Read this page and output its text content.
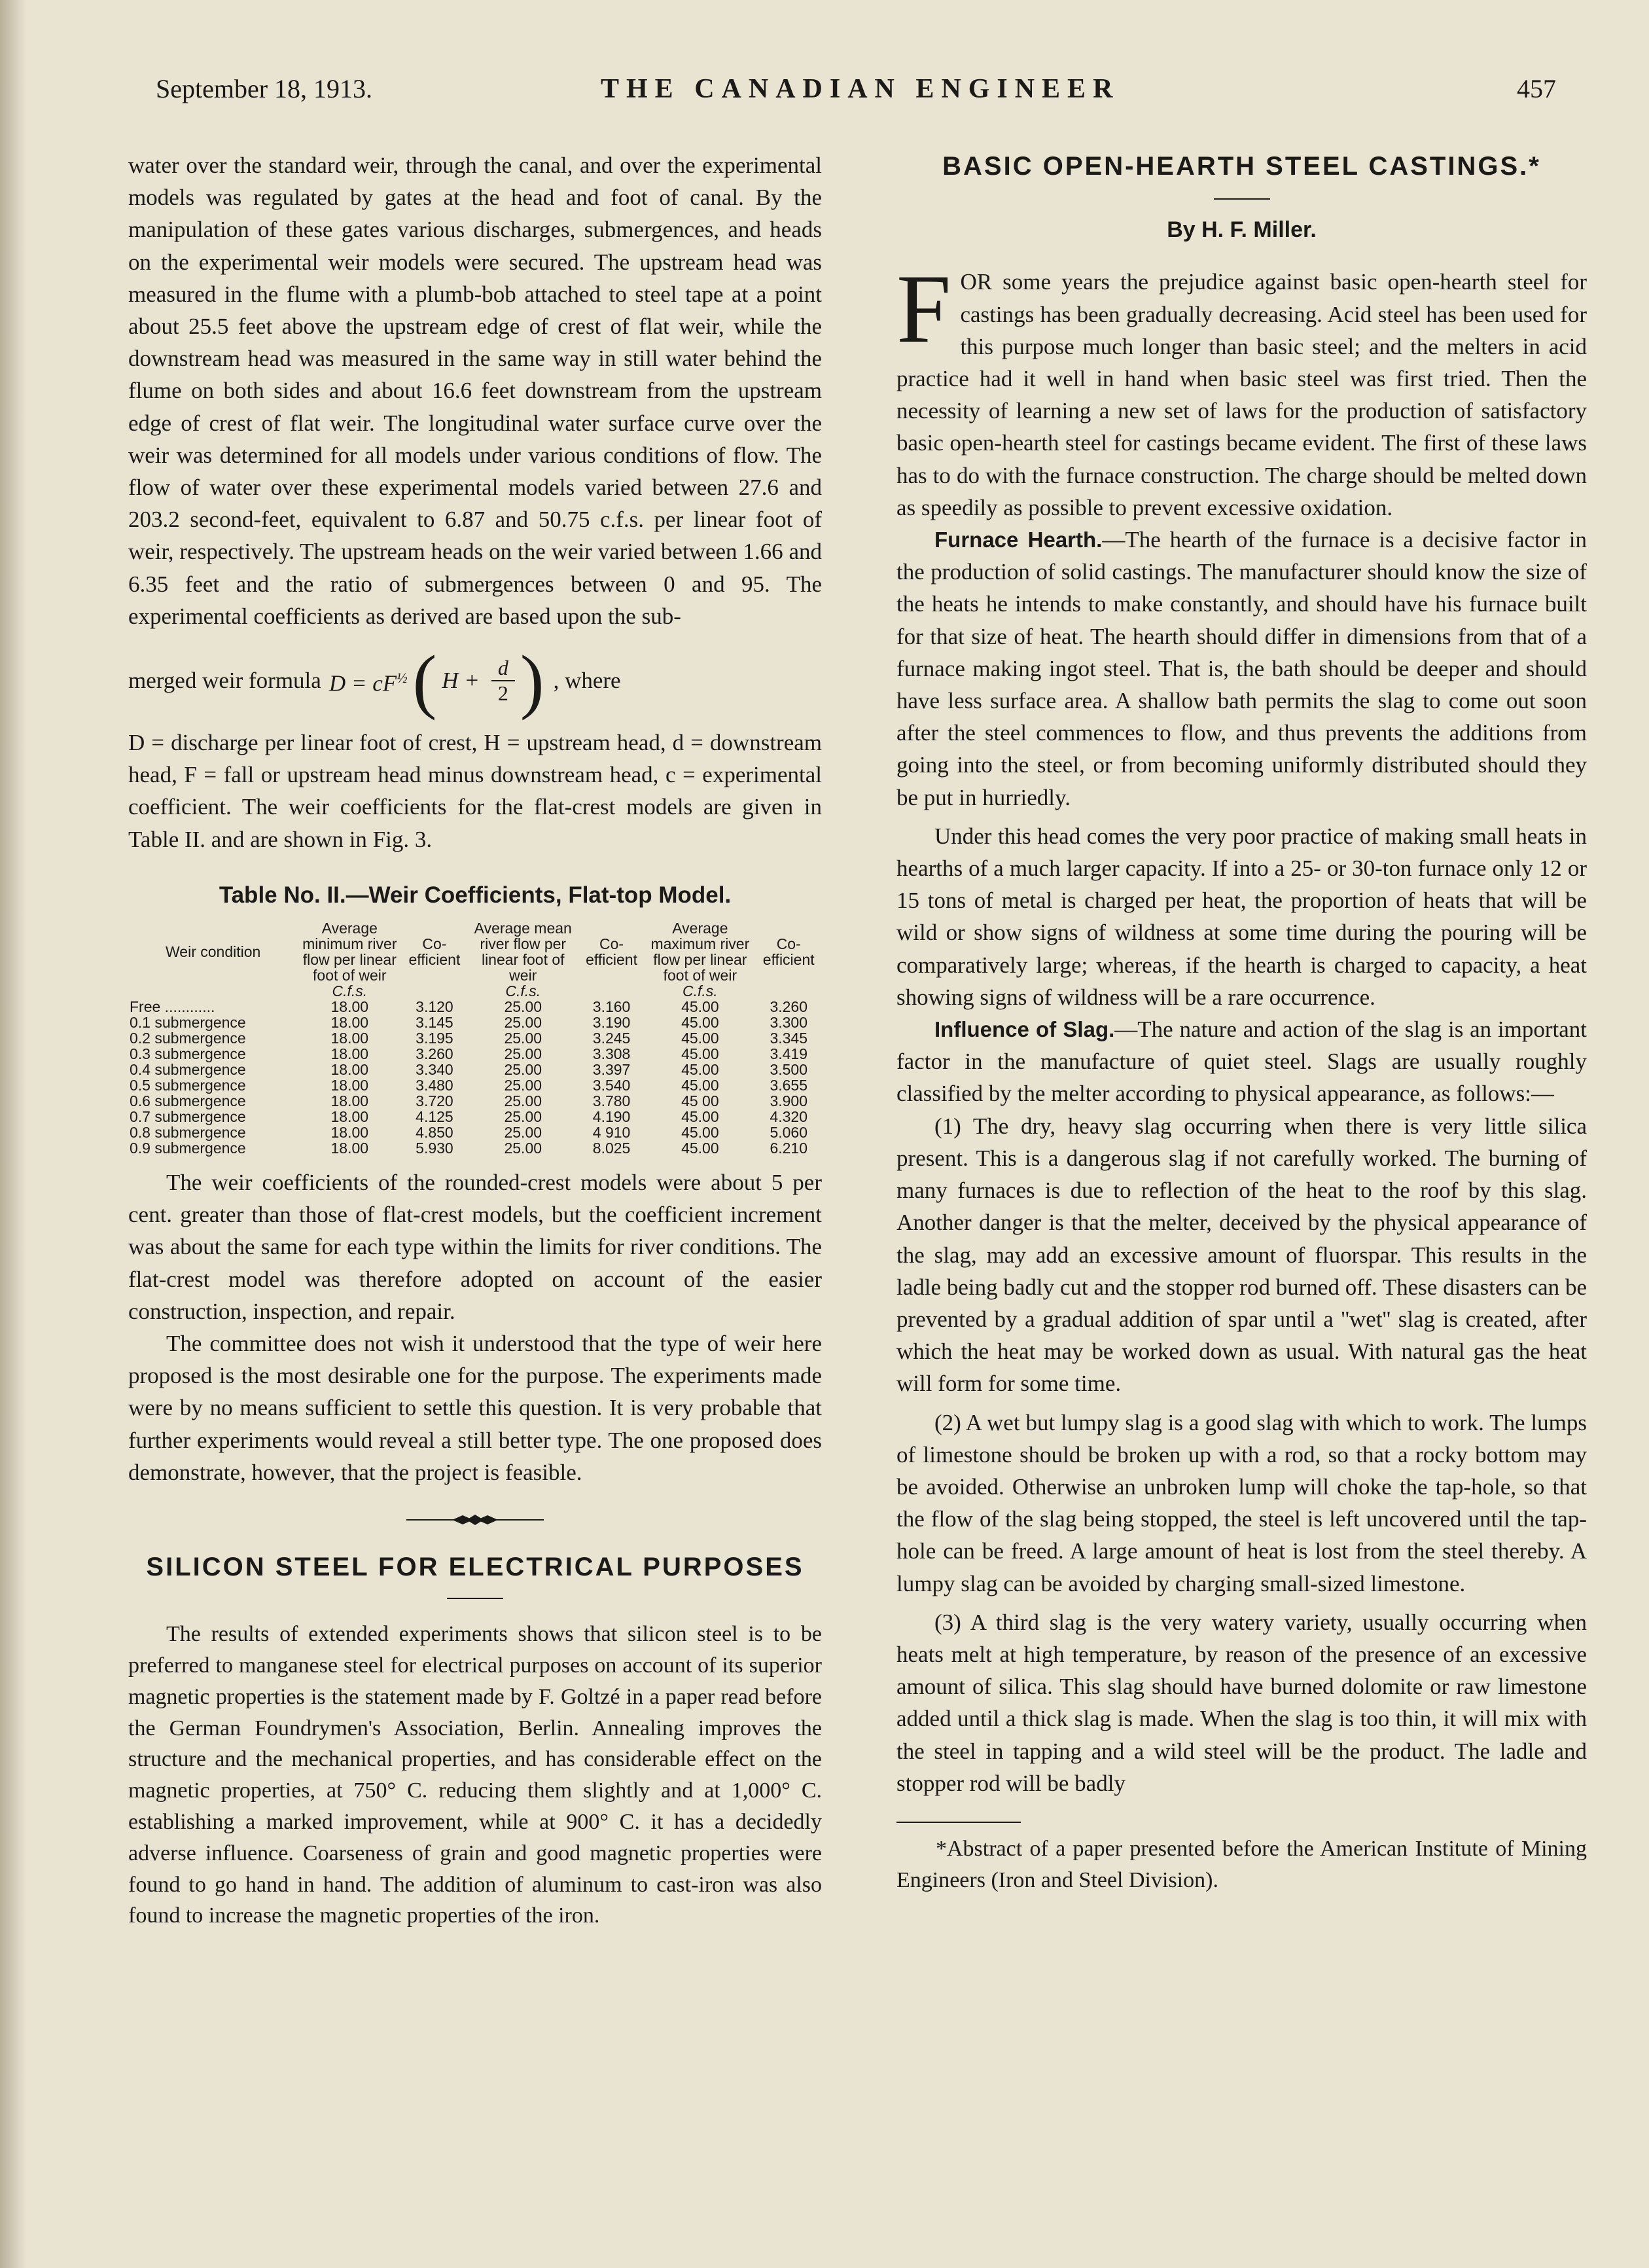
September 18, 1913.	THE CANADIAN ENGINEER	457

water over the standard weir, through the canal, and over the experimental models was regulated by gates at the head and foot of canal. By the manipulation of these gates various discharges, submergences, and heads on the experimental weir models were secured. The upstream head was measured in the flume with a plumb-bob attached to steel tape at a point about 25.5 feet above the upstream edge of crest of flat weir, while the downstream head was measured in the same way in still water behind the flume on both sides and about 16.6 feet downstream from the upstream edge of crest of flat weir. The longitudinal water surface curve over the weir was determined for all models under various conditions of flow. The flow of water over these experimental models varied between 27.6 and 203.2 second-feet, equivalent to 6.87 and 50.75 c.f.s. per linear foot of weir, respectively. The upstream heads on the weir varied between 1.66 and 6.35 feet and the ratio of submergences between 0 and 95. The experimental coefficients as derived are based upon the sub-

merged weir formula $D = cF^{\frac{1}{2}}$ ( $H + \frac{d}{2}$ ) , where

D = discharge per linear foot of crest, H = upstream head, d = downstream head, F = fall or upstream head minus downstream head, c = experimental coefficient. The weir coefficients for the flat-crest models are given in Table II. and are shown in Fig. 3.

Table No. II.—Weir Coefficients, Flat-top Model.
Weir condition	Average minimum river flow per linear foot of weir	Co-efficient	Average mean river flow per linear foot of weir	Co-efficient	Average maximum river flow per linear foot of weir	Co-efficient
	C.f.s.		C.f.s.		C.f.s.	
Free ............	18.00	3.120	25.00	3.160	45.00	3.260
0.1 submergence	18.00	3.145	25.00	3.190	45.00	3.300
0.2 submergence	18.00	3.195	25.00	3.245	45.00	3.345
0.3 submergence	18.00	3.260	25.00	3.308	45.00	3.419
0.4 submergence	18.00	3.340	25.00	3.397	45.00	3.500
0.5 submergence	18.00	3.480	25.00	3.540	45.00	3.655
0.6 submergence	18.00	3.720	25.00	3.780	45 00	3.900
0.7 submergence	18.00	4.125	25.00	4.190	45.00	4.320
0.8 submergence	18.00	4.850	25.00	4 910	45.00	5.060
0.9 submergence	18.00	5.930	25.00	8.025	45.00	6.210

The weir coefficients of the rounded-crest models were about 5 per cent. greater than those of flat-crest models, but the coefficient increment was about the same for each type within the limits for river conditions. The flat-crest model was therefore adopted on account of the easier construction, inspection, and repair.

The committee does not wish it understood that the type of weir here proposed is the most desirable one for the purpose. The experiments made were by no means sufficient to settle this question. It is very probable that further experiments would reveal a still better type. The one proposed does demonstrate, however, that the project is feasible.

SILICON STEEL FOR ELECTRICAL PURPOSES

The results of extended experiments shows that silicon steel is to be preferred to manganese steel for electrical purposes on account of its superior magnetic properties is the statement made by F. Goltzé in a paper read before the German Foundrymen's Association, Berlin. Annealing improves the structure and the mechanical properties, and has considerable effect on the magnetic properties, at 750° C. reducing them slightly and at 1,000° C. establishing a marked improvement, while at 900° C. it has a decidedly adverse influence. Coarseness of grain and good magnetic properties were found to go hand in hand. The addition of aluminum to cast-iron was also found to increase the magnetic properties of the iron.

BASIC OPEN-HEARTH STEEL CASTINGS.*
By H. F. Miller.

FOR some years the prejudice against basic open-hearth steel for castings has been gradually decreasing. Acid steel has been used for this purpose much longer than basic steel; and the melters in acid practice had it well in hand when basic steel was first tried. Then the necessity of learning a new set of laws for the production of satisfactory basic open-hearth steel for castings became evident. The first of these laws has to do with the furnace construction. The charge should be melted down as speedily as possible to prevent excessive oxidation.

Furnace Hearth.—The hearth of the furnace is a decisive factor in the production of solid castings. The manufacturer should know the size of the heats he intends to make constantly, and should have his furnace built for that size of heat. The hearth should differ in dimensions from that of a furnace making ingot steel. That is, the bath should be deeper and should have less surface area. A shallow bath permits the slag to come out soon after the steel commences to flow, and thus prevents the additions from going into the steel, or from becoming uniformly distributed should they be put in hurriedly.

Under this head comes the very poor practice of making small heats in hearths of a much larger capacity. If into a 25- or 30-ton furnace only 12 or 15 tons of metal is charged per heat, the proportion of heats that will be wild or show signs of wildness at some time during the pouring will be comparatively large; whereas, if the hearth is charged to capacity, a heat showing signs of wildness will be a rare occurrence.

Influence of Slag.—The nature and action of the slag is an important factor in the manufacture of quiet steel. Slags are usually roughly classified by the melter according to physical appearance, as follows:—

(1) The dry, heavy slag occurring when there is very little silica present. This is a dangerous slag if not carefully worked. The burning of many furnaces is due to reflection of the heat to the roof by this slag. Another danger is that the melter, deceived by the physical appearance of the slag, may add an excessive amount of fluorspar. This results in the ladle being badly cut and the stopper rod burned off. These disasters can be prevented by a gradual addition of spar until a ''wet'' slag is created, after which the heat may be worked down as usual. With natural gas the heat will form for some time.

(2) A wet but lumpy slag is a good slag with which to work. The lumps of limestone should be broken up with a rod, so that a rocky bottom may be avoided. Otherwise an unbroken lump will choke the tap-hole, so that the flow of the slag being stopped, the steel is left uncovered until the tap-hole can be freed. A large amount of heat is lost from the steel thereby. A lumpy slag can be avoided by charging small-sized limestone.

(3) A third slag is the very watery variety, usually occurring when heats melt at high temperature, by reason of the presence of an excessive amount of silica. This slag should have burned dolomite or raw limestone added until a thick slag is made. When the slag is too thin, it will mix with the steel in tapping and a wild steel will be the product. The ladle and stopper rod will be badly

*Abstract of a paper presented before the American Institute of Mining Engineers (Iron and Steel Division).
